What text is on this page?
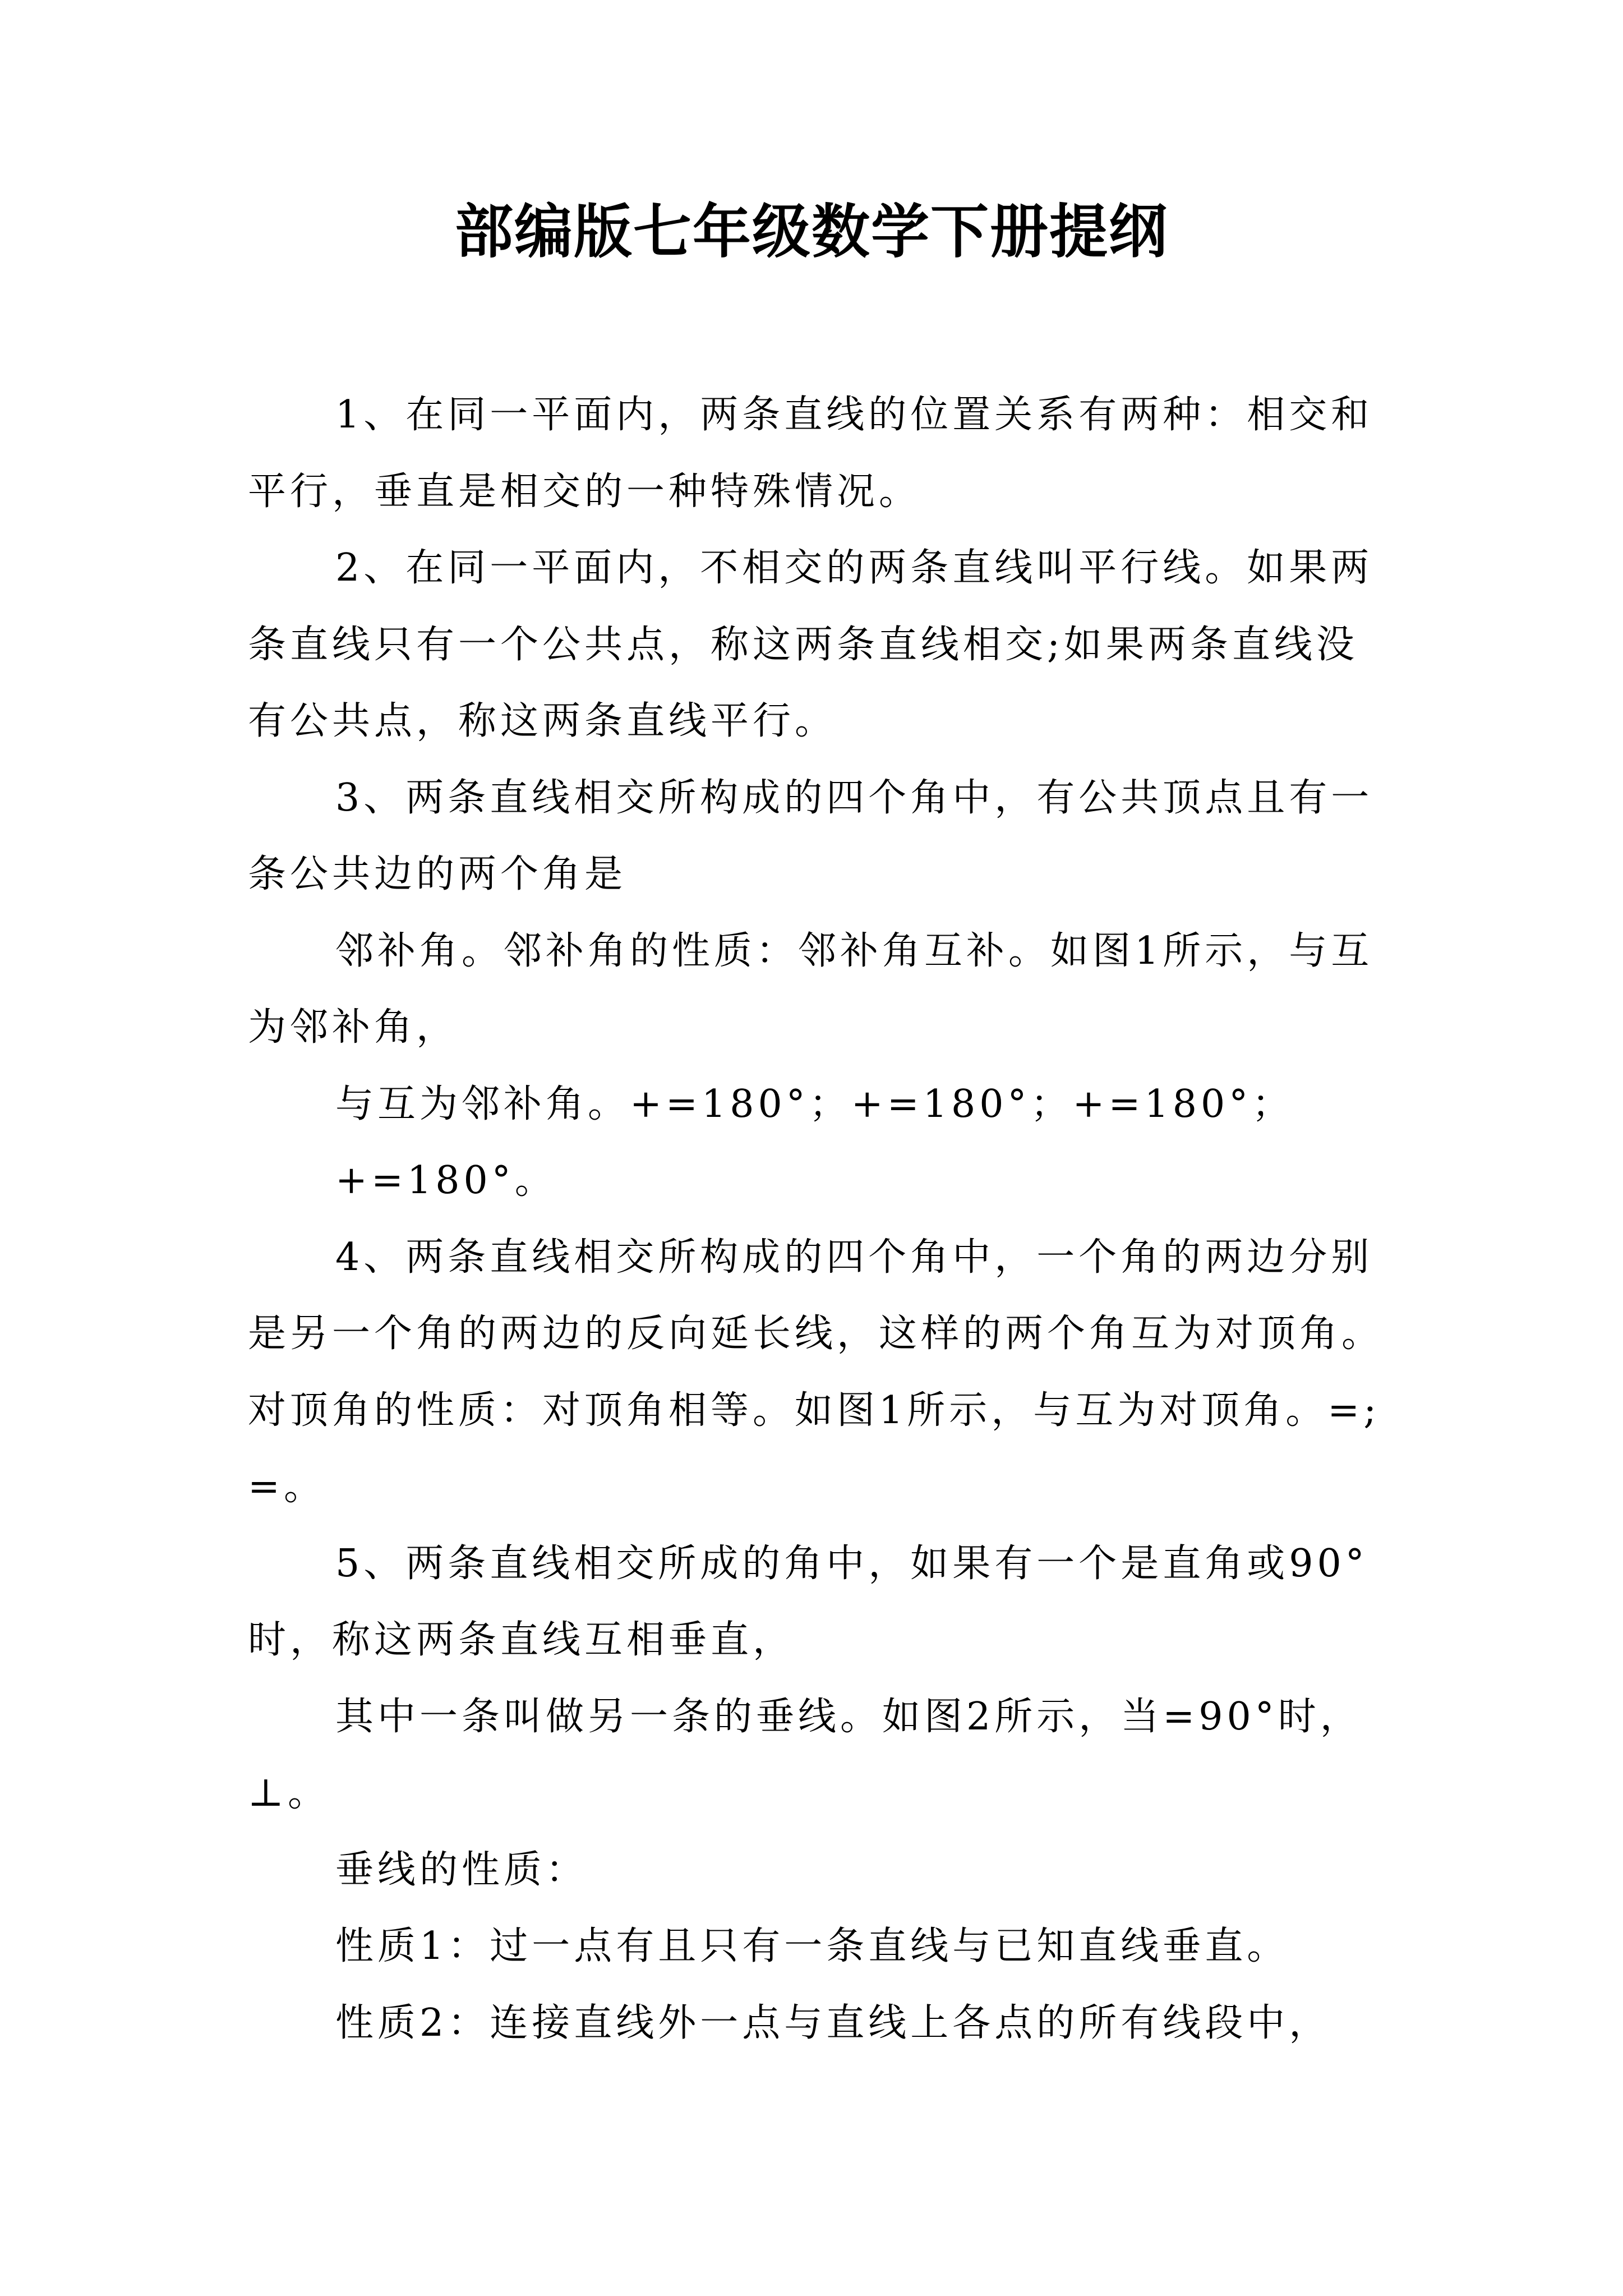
部编版七年级数学下册提纲

1、在同一平面内，两条直线的位置关系有两种：相交和平行，垂直是相交的一种特殊情况。

2、在同一平面内，不相交的两条直线叫平行线。如果两条直线只有一个公共点，称这两条直线相交;如果两条直线没有公共点，称这两条直线平行。

3、两条直线相交所构成的四个角中，有公共顶点且有一条公共边的两个角是

邻补角。邻补角的性质：邻补角互补。如图1所示，与互为邻补角，

与互为邻补角。+=180°；+=180°；+=180°；

+=180°。

4、两条直线相交所构成的四个角中，一个角的两边分别是另一个角的两边的反向延长线，这样的两个角互为对顶角。对顶角的性质：对顶角相等。如图1所示，与互为对顶角。=;=。

5、两条直线相交所成的角中，如果有一个是直角或90°时，称这两条直线互相垂直，

其中一条叫做另一条的垂线。如图2所示，当=90°时，⊥。

垂线的性质：

性质1：过一点有且只有一条直线与已知直线垂直。

性质2：连接直线外一点与直线上各点的所有线段中，
